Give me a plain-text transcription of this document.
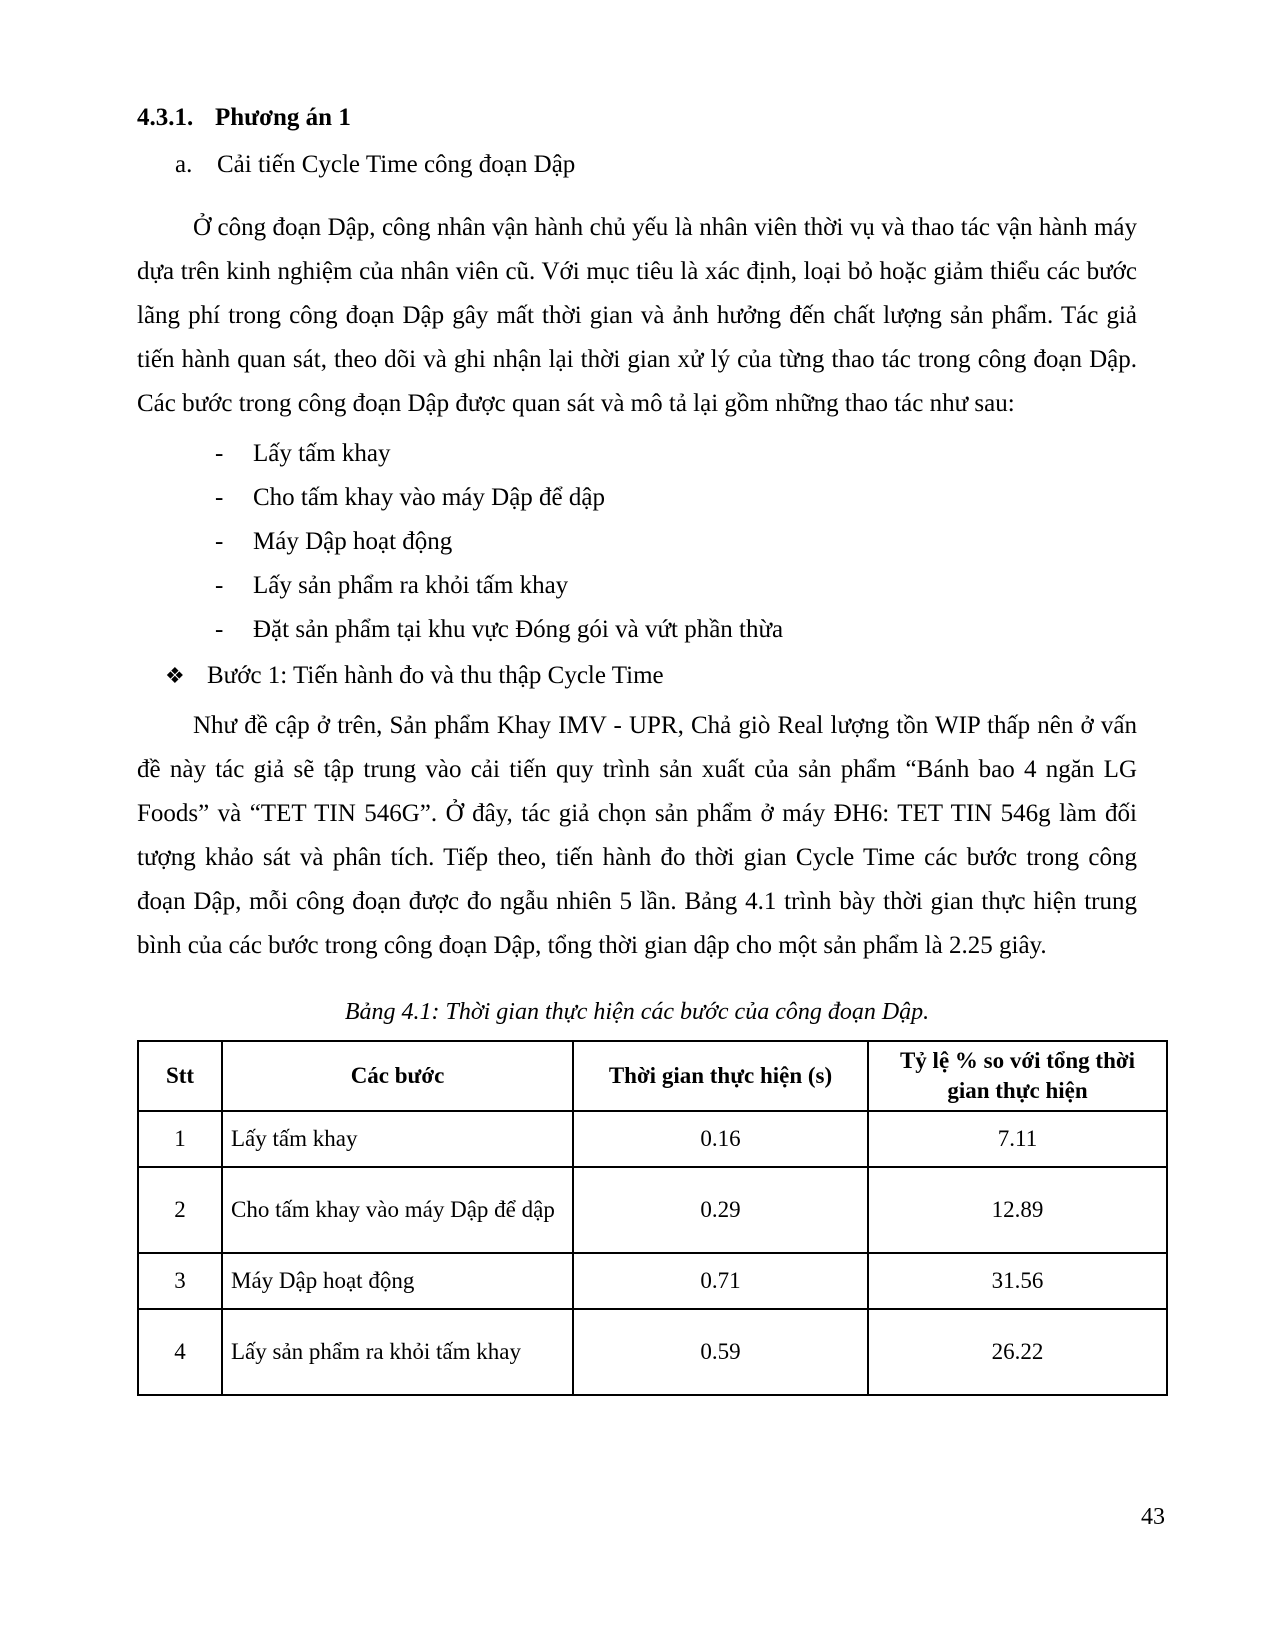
4.3.1. Phương án 1
a. Cải tiến Cycle Time công đoạn Dập

Ở công đoạn Dập, công nhân vận hành chủ yếu là nhân viên thời vụ và thao tác vận hành máy dựa trên kinh nghiệm của nhân viên cũ. Với mục tiêu là xác định, loại bỏ hoặc giảm thiểu các bước lãng phí trong công đoạn Dập gây mất thời gian và ảnh hưởng đến chất lượng sản phẩm. Tác giả tiến hành quan sát, theo dõi và ghi nhận lại thời gian xử lý của từng thao tác trong công đoạn Dập. Các bước trong công đoạn Dập được quan sát và mô tả lại gồm những thao tác như sau:

-	Lấy tấm khay
-	Cho tấm khay vào máy Dập để dập
-	Máy Dập hoạt động
-	Lấy sản phẩm ra khỏi tấm khay
-	Đặt sản phẩm tại khu vực Đóng gói và vứt phần thừa
❖ Bước 1: Tiến hành đo và thu thập Cycle Time

Như đề cập ở trên, Sản phẩm Khay IMV - UPR, Chả giò Real lượng tồn WIP thấp nên ở vấn đề này tác giả sẽ tập trung vào cải tiến quy trình sản xuất của sản phẩm “Bánh bao 4 ngăn LG Foods” và “TET TIN 546G”. Ở đây, tác giả chọn sản phẩm ở máy ĐH6: TET TIN 546g làm đối tượng khảo sát và phân tích. Tiếp theo, tiến hành đo thời gian Cycle Time các bước trong công đoạn Dập, mỗi công đoạn được đo ngẫu nhiên 5 lần. Bảng 4.1 trình bày thời gian thực hiện trung bình của các bước trong công đoạn Dập, tổng thời gian dập cho một sản phẩm là 2.25 giây.

Bảng 4.1: Thời gian thực hiện các bước của công đoạn Dập.
Stt	Các bước	Thời gian thực hiện (s)	Tỷ lệ % so với tổng thời gian thực hiện
1	Lấy tấm khay	0.16	7.11
2	Cho tấm khay vào máy Dập để dập	0.29	12.89
3	Máy Dập hoạt động	0.71	31.56
4	Lấy sản phẩm ra khỏi tấm khay	0.59	26.22
43
